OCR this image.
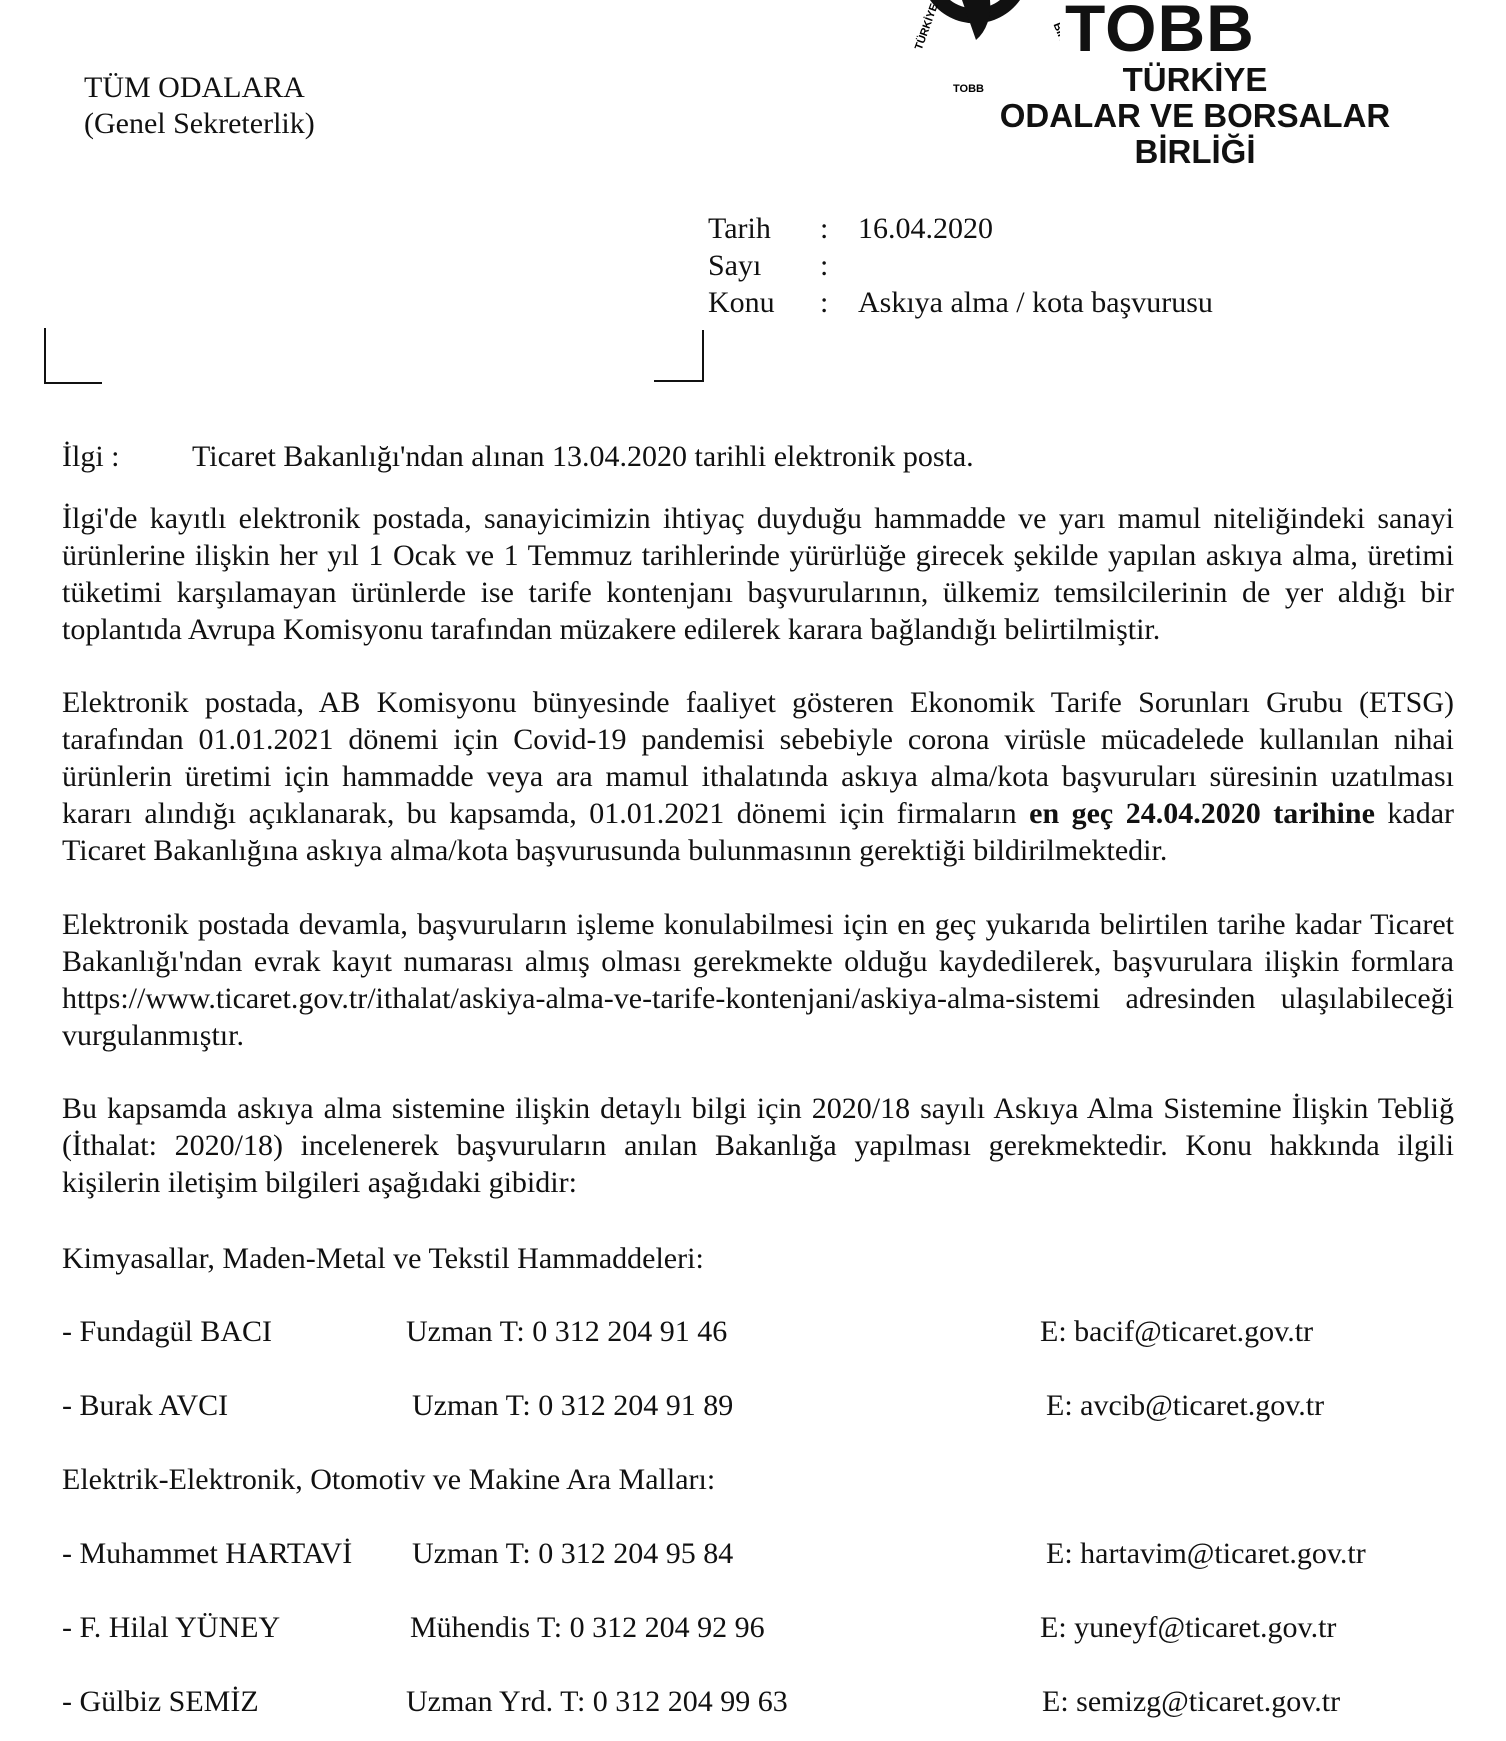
TÜM ODALARA
(Genel Sekreterlik)
TÜRKİYE	BİRLİĞİ
TOBB
TOBB
TÜRKİYE
ODALAR VE BORSALAR
BİRLİĞİ
Tarih : 16.04.2020
Sayı :
Konu : Askıya alma / kota başvurusu
İlgi : Ticaret Bakanlığı'ndan alınan 13.04.2020 tarihli elektronik posta.
İlgi'de kayıtlı elektronik postada, sanayicimizin ihtiyaç duyduğu hammadde ve yarı mamul niteliğindeki sanayi ürünlerine ilişkin her yıl 1 Ocak ve 1 Temmuz tarihlerinde yürürlüğe girecek şekilde yapılan askıya alma, üretimi tüketimi karşılamayan ürünlerde ise tarife kontenjanı başvurularının, ülkemiz temsilcilerinin de yer aldığı bir toplantıda Avrupa Komisyonu tarafından müzakere edilerek karara bağlandığı belirtilmiştir.
Elektronik postada, AB Komisyonu bünyesinde faaliyet gösteren Ekonomik Tarife Sorunları Grubu (ETSG) tarafından 01.01.2021 dönemi için Covid-19 pandemisi sebebiyle corona virüsle mücadelede kullanılan nihai ürünlerin üretimi için hammadde veya ara mamul ithalatında askıya alma/kota başvuruları süresinin uzatılması kararı alındığı açıklanarak, bu kapsamda, 01.01.2021 dönemi için firmaların en geç 24.04.2020 tarihine kadar Ticaret Bakanlığına askıya alma/kota başvurusunda bulunmasının gerektiği bildirilmektedir.
Elektronik postada devamla, başvuruların işleme konulabilmesi için en geç yukarıda belirtilen tarihe kadar Ticaret Bakanlığı'ndan evrak kayıt numarası almış olması gerekmekte olduğu kaydedilerek, başvurulara ilişkin formlara https://www.ticaret.gov.tr/ithalat/askiya-alma-ve-tarife-kontenjani/askiya-alma-sistemi adresinden ulaşılabileceği vurgulanmıştır.
Bu kapsamda askıya alma sistemine ilişkin detaylı bilgi için 2020/18 sayılı Askıya Alma Sistemine İlişkin Tebliğ (İthalat: 2020/18) incelenerek başvuruların anılan Bakanlığa yapılması gerekmektedir. Konu hakkında ilgili kişilerin iletişim bilgileri aşağıdaki gibidir:
Kimyasallar, Maden-Metal ve Tekstil Hammaddeleri:
- Fundagül BACI	Uzman T: 0 312 204 91 46	E: bacif@ticaret.gov.tr
- Burak AVCI	Uzman T: 0 312 204 91 89	E: avcib@ticaret.gov.tr
Elektrik-Elektronik, Otomotiv ve Makine Ara Malları:
- Muhammet HARTAVİ Uzman T: 0 312 204 95 84	E: hartavim@ticaret.gov.tr
- F. Hilal YÜNEY	Mühendis T: 0 312 204 92 96	E: yuneyf@ticaret.gov.tr
- Gülbiz SEMİZ	Uzman Yrd. T: 0 312 204 99 63	E: semizg@ticaret.gov.tr
